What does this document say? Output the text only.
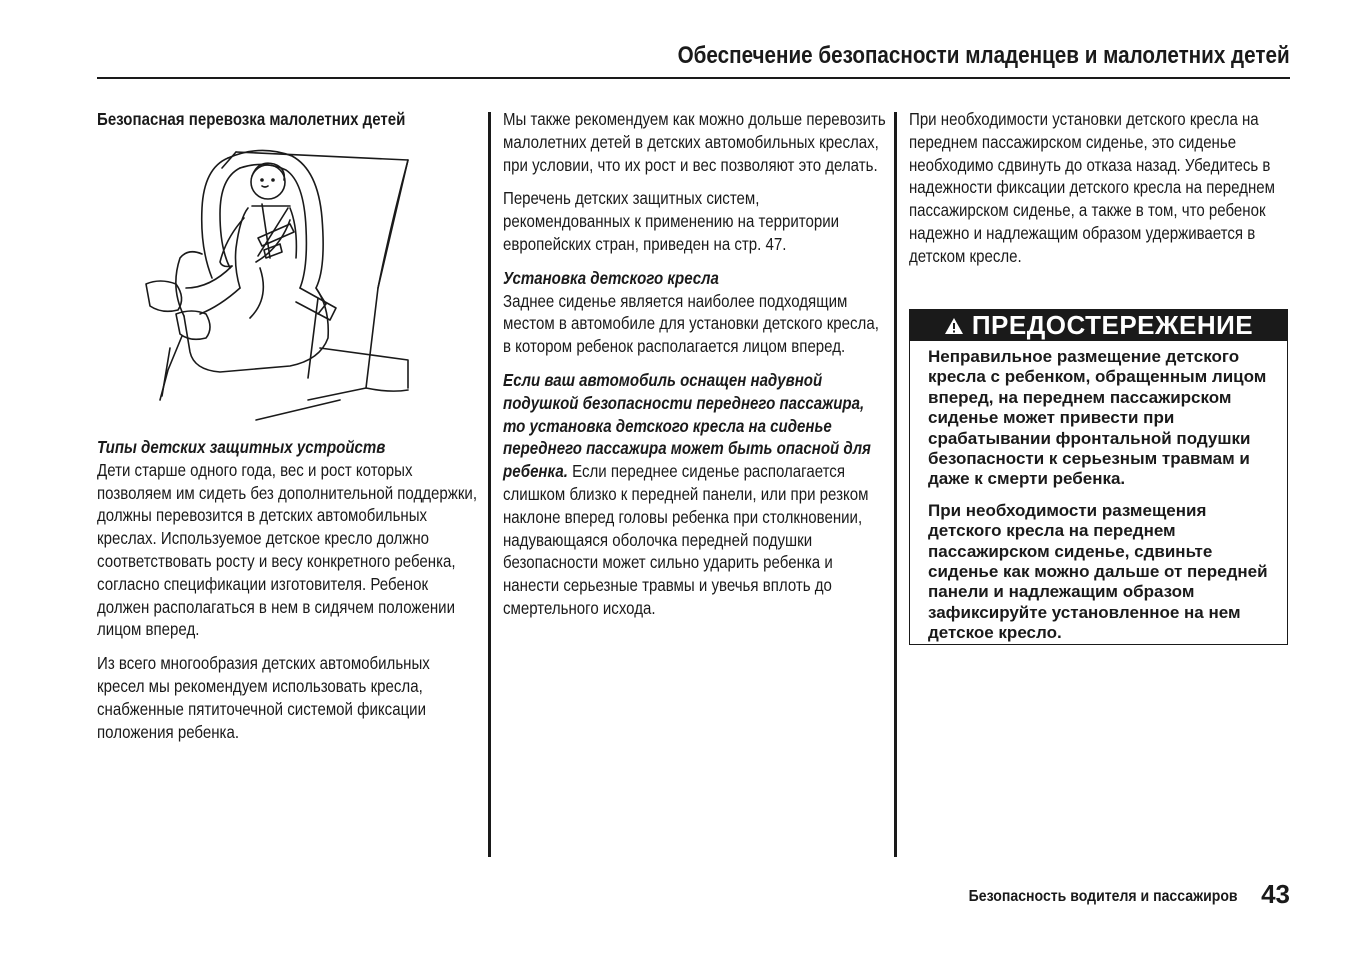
Обеспечение безопасности младенцев и малолетних детей
Безопасная перевозка малолетних детей
Типы детских защитных устройств

Дети старше одного года, вес и рост которых позволяем им сидеть без дополнительной поддержки, должны перевозится в детских автомобильных креслах. Используемое детское кресло должно соответствовать росту и весу конкретного ребенка, согласно спецификации изготовителя. Ребенок должен располагаться в нем в сидячем положении лицом вперед.

Из всего многообразия детских автомобильных кресел мы рекомендуем использовать кресла, снабженные пятиточечной системой фиксации положения ребенка.

Мы также рекомендуем как можно дольше перевозить малолетних детей в детских автомобильных креслах, при условии, что их рост и вес позволяют это делать.

Перечень детских защитных систем, рекомендованных к применению на территории европейских стран, приведен на стр. 47.

Установка детского кресла

Заднее сиденье является наиболее подходящим местом в автомобиле для установки детского кресла, в котором ребенок располагается лицом вперед.

Если ваш автомобиль оснащен надувной подушкой безопасности переднего пассажира, то установка детского кресла на сиденье переднего пассажира может быть опасной для ребенка. Если переднее сиденье располагается слишком близко к передней панели, или при резком наклоне вперед головы ребенка при столкновении, надувающаяся оболочка передней подушки безопасности может сильно ударить ребенка и нанести серьезные травмы и увечья вплоть до смертельного исхода.

При необходимости установки детского кресла на переднем пассажирском сиденье, это сиденье необходимо сдвинуть до отказа назад. Убедитесь в надежности фиксации детского кресла на переднем пассажирском сиденье, а также в том, что ребенок надежно и надлежащим образом удерживается в детском кресле.

ПРЕДОСТЕРЕЖЕНИЕ

Неправильное размещение детского кресла с ребенком, обращенным лицом вперед, на переднем пассажирском сиденье может привести при срабатывании фронтальной подушки безопасности к серьезным травмам и даже к смерти ребенка.

При необходимости размещения детского кресла на переднем пассажирском сиденье, сдвиньте сиденье как можно дальше от передней панели и надлежащим образом зафиксируйте установленное на нем детское кресло.

Безопасность водителя и пассажиров 43
